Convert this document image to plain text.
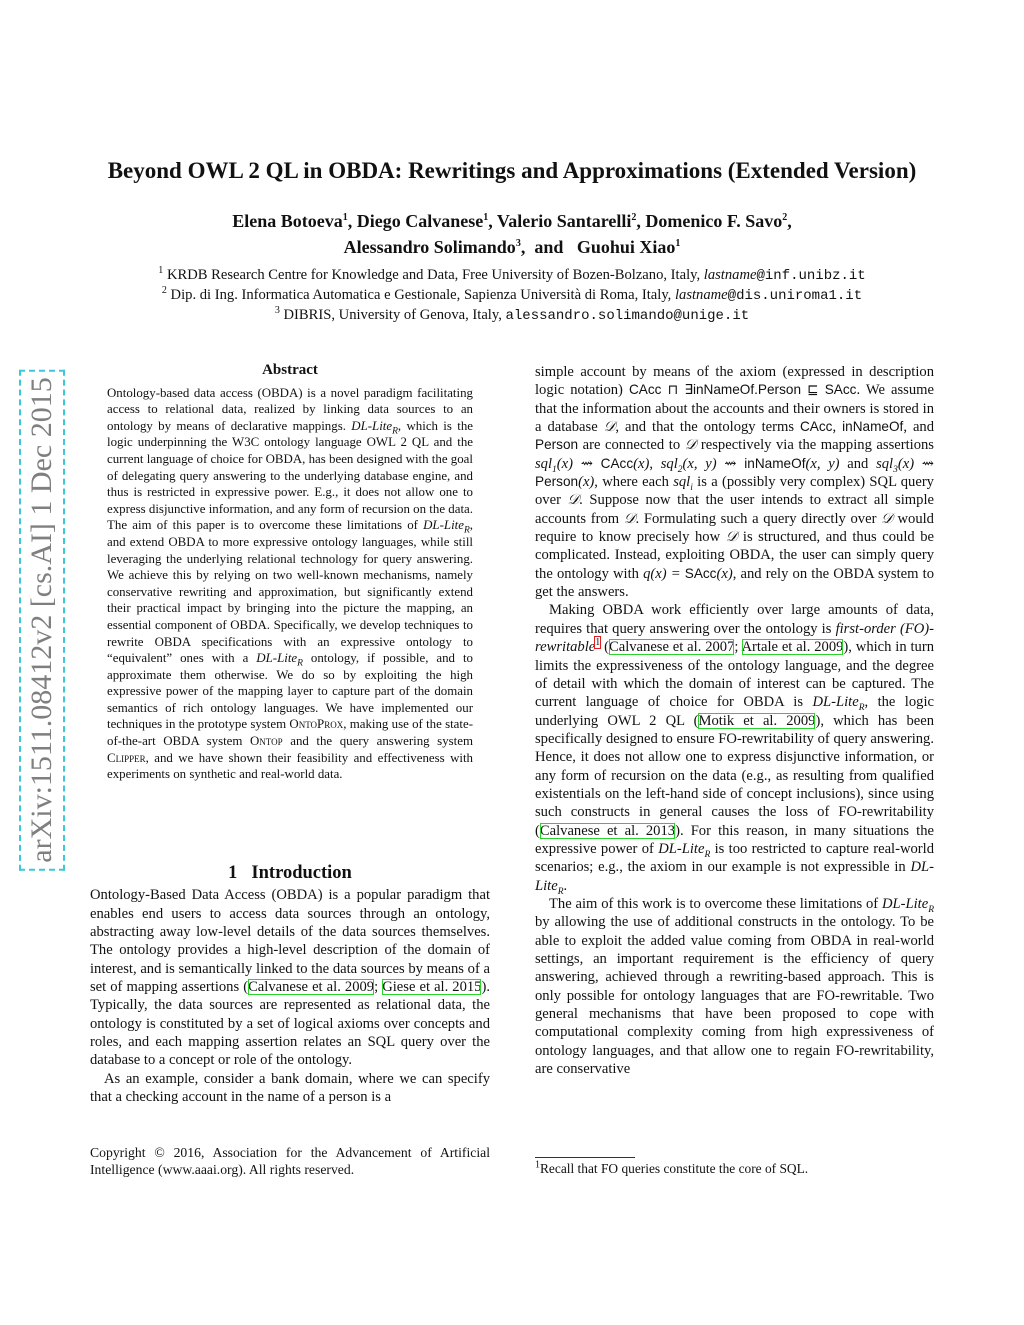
Beyond OWL 2 QL in OBDA: Rewritings and Approximations (Extended Version)
Elena Botoeva$^1$, Diego Calvanese$^1$, Valerio Santarelli$^2$, Domenico F. Savo$^2$,
Alessandro Solimando$^3$,  and   Guohui Xiao$^1$
$^1$ KRDB Research Centre for Knowledge and Data, Free University of Bozen-Bolzano, Italy, lastname@inf.unibz.it
$^2$ Dip. di Ing. Informatica Automatica e Gestionale, Sapienza Università di Roma, Italy, lastname@dis.uniroma1.it
$^3$ DIBRIS, University of Genova, Italy, alessandro.solimando@unige.it
arXiv:1511.08412v2 [cs.AI] 1 Dec 2015
Abstract

Ontology-based data access (OBDA) is a novel paradigm facilitating access to relational data, realized by linking data sources to an ontology by means of declarative mappings. DL-Lite$_R$, which is the logic underpinning the W3C ontology language OWL 2 QL and the current language of choice for OBDA, has been designed with the goal of delegating query answering to the underlying database engine, and thus is restricted in expressive power. E.g., it does not allow one to express disjunctive information, and any form of recursion on the data. The aim of this paper is to overcome these limitations of DL-Lite$_R$, and extend OBDA to more expressive ontology languages, while still leveraging the underlying relational technology for query answering. We achieve this by relying on two well-known mechanisms, namely conservative rewriting and approximation, but significantly extend their practical impact by bringing into the picture the mapping, an essential component of OBDA. Specifically, we develop techniques to rewrite OBDA specifications with an expressive ontology to “equivalent” ones with a DL-Lite$_R$ ontology, if possible, and to approximate them otherwise. We do so by exploiting the high expressive power of the mapping layer to capture part of the domain semantics of rich ontology languages. We have implemented our techniques in the prototype system OntoProx, making use of the state-of-the-art OBDA system Ontop and the query answering system Clipper, and we have shown their feasibility and effectiveness with experiments on synthetic and real-world data.

1 Introduction

Ontology-Based Data Access (OBDA) is a popular paradigm that enables end users to access data sources through an ontology, abstracting away low-level details of the data sources themselves. The ontology provides a high-level description of the domain of interest, and is semantically linked to the data sources by means of a set of mapping assertions (Calvanese et al. 2009; Giese et al. 2015). Typically, the data sources are represented as relational data, the ontology is constituted by a set of logical axioms over concepts and roles, and each mapping assertion relates an SQL query over the database to a concept or role of the ontology.

As an example, consider a bank domain, where we can specify that a checking account in the name of a person is a

Copyright © 2016, Association for the Advancement of Artificial Intelligence (www.aaai.org). All rights reserved.

simple account by means of the axiom (expressed in description logic notation) CAcc ⊓ ∃inNameOf.Person ⊑ SAcc. We assume that the information about the accounts and their owners is stored in a database 𝒟, and that the ontology terms CAcc, inNameOf, and Person are connected to 𝒟 respectively via the mapping assertions sql$_1$(x) ⇝ CAcc(x), sql$_2$(x, y) ⇝ inNameOf(x, y) and sql$_3$(x) ⇝ Person(x), where each sql$_i$ is a (possibly very complex) SQL query over 𝒟. Suppose now that the user intends to extract all simple accounts from 𝒟. Formulating such a query directly over 𝒟 would require to know precisely how 𝒟 is structured, and thus could be complicated. Instead, exploiting OBDA, the user can simply query the ontology with q(x) = SAcc(x), and rely on the OBDA system to get the answers.

Making OBDA work efficiently over large amounts of data, requires that query answering over the ontology is first-order (FO)-rewritable$^1$ (Calvanese et al. 2007; Artale et al. 2009), which in turn limits the expressiveness of the ontology language, and the degree of detail with which the domain of interest can be captured. The current language of choice for OBDA is DL-Lite$_R$, the logic underlying OWL 2 QL (Motik et al. 2009), which has been specifically designed to ensure FO-rewritability of query answering. Hence, it does not allow one to express disjunctive information, or any form of recursion on the data (e.g., as resulting from qualified existentials on the left-hand side of concept inclusions), since using such constructs in general causes the loss of FO-rewritability (Calvanese et al. 2013). For this reason, in many situations the expressive power of DL-Lite$_R$ is too restricted to capture real-world scenarios; e.g., the axiom in our example is not expressible in DL-Lite$_R$.

The aim of this work is to overcome these limitations of DL-Lite$_R$ by allowing the use of additional constructs in the ontology. To be able to exploit the added value coming from OBDA in real-world settings, an important requirement is the efficiency of query answering, achieved through a rewriting-based approach. This is only possible for ontology languages that are FO-rewritable. Two general mechanisms that have been proposed to cope with computational complexity coming from high expressiveness of ontology languages, and that allow one to regain FO-rewritability, are conservative

$^1$Recall that FO queries constitute the core of SQL.
